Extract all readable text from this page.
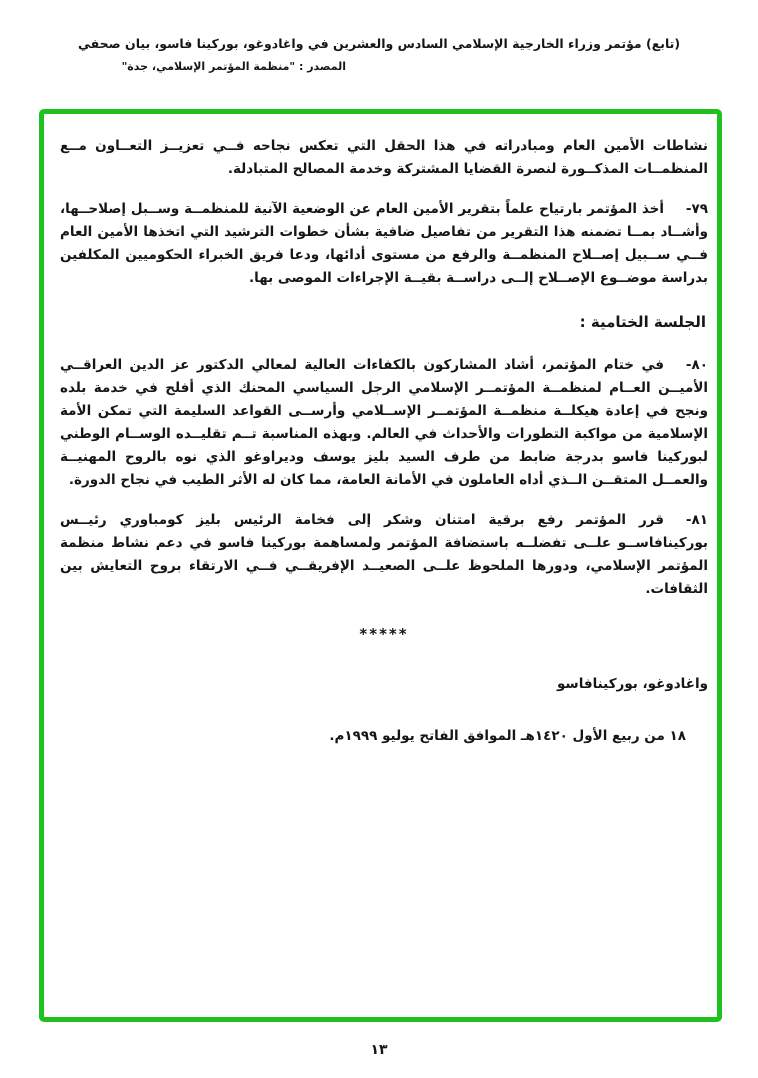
(تابع) مؤتمر وزراء الخارجية الإسلامي السادس والعشرين في واغادوغو، بوركينا فاسو، بيان صحفي
المصدر : "منظمة المؤتمر الإسلامي، جدة"

نشاطات الأمين العام ومبادراته في هذا الحقل التي تعكس نجاحه فــي تعزيــز التعــاون مــع المنظمــات المذكــورة لنصرة القضايا المشتركة وخدمة المصالح المتبادلة.

٧٩-أخذ المؤتمر بارتياح علماً بتقرير الأمين العام عن الوضعية الآنية للمنظمــة وســبل إصلاحــها، وأشــاد بمــا تضمنه هذا التقرير من تفاصيل ضافية بشأن خطوات الترشيد التي اتخذها الأمين العام فــي ســبيل إصــلاح المنظمــة والرفع من مستوى أدائها، ودعا فريق الخبراء الحكوميين المكلفين بدراسة موضــوع الإصــلاح إلــى دراســة بقيــة الإجراءات الموصى بها.

الجلسة الختامية :

٨٠-في ختام المؤتمر، أشاد المشاركون بالكفاءات العالية لمعالي الدكتور عز الدين العراقــي الأميــن العــام لمنظمــة المؤتمــر الإسلامي الرجل السياسي المحنك الذي أفلح في خدمة بلده ونجح في إعادة هيكلــة منظمــة المؤتمــر الإســلامي وأرســى القواعد السليمة التي تمكن الأمة الإسلامية من مواكبة التطورات والأحداث في العالم. وبهذه المناسبة تــم تقليــده الوســام الوطني لبوركينا فاسو بدرجة ضابط من طرف السيد بليز يوسف وديراوغو الذي نوه بالروح المهنيــة والعمــل المتقــن الــذي أداه العاملون في الأمانة العامة، مما كان له الأثر الطيب في نجاح الدورة.

٨١-قرر المؤتمر رفع برقية امتنان وشكر إلى فخامة الرئيس بليز كومباوري رئيــس بوركينافاســو علــى تفضلــه باستضافة المؤتمر ولمساهمة بوركينا فاسو في دعم نشاط منظمة المؤتمر الإسلامي، ودورها الملحوظ علــى الصعيــد الإفريقــي فــي الارتقاء بروح التعايش بين الثقافات.

*****
واغادوغو، بوركينافاسو
١٨ من ربيع الأول ١٤٢٠هـ الموافق الفاتح يوليو ١٩٩٩م.
١٣
